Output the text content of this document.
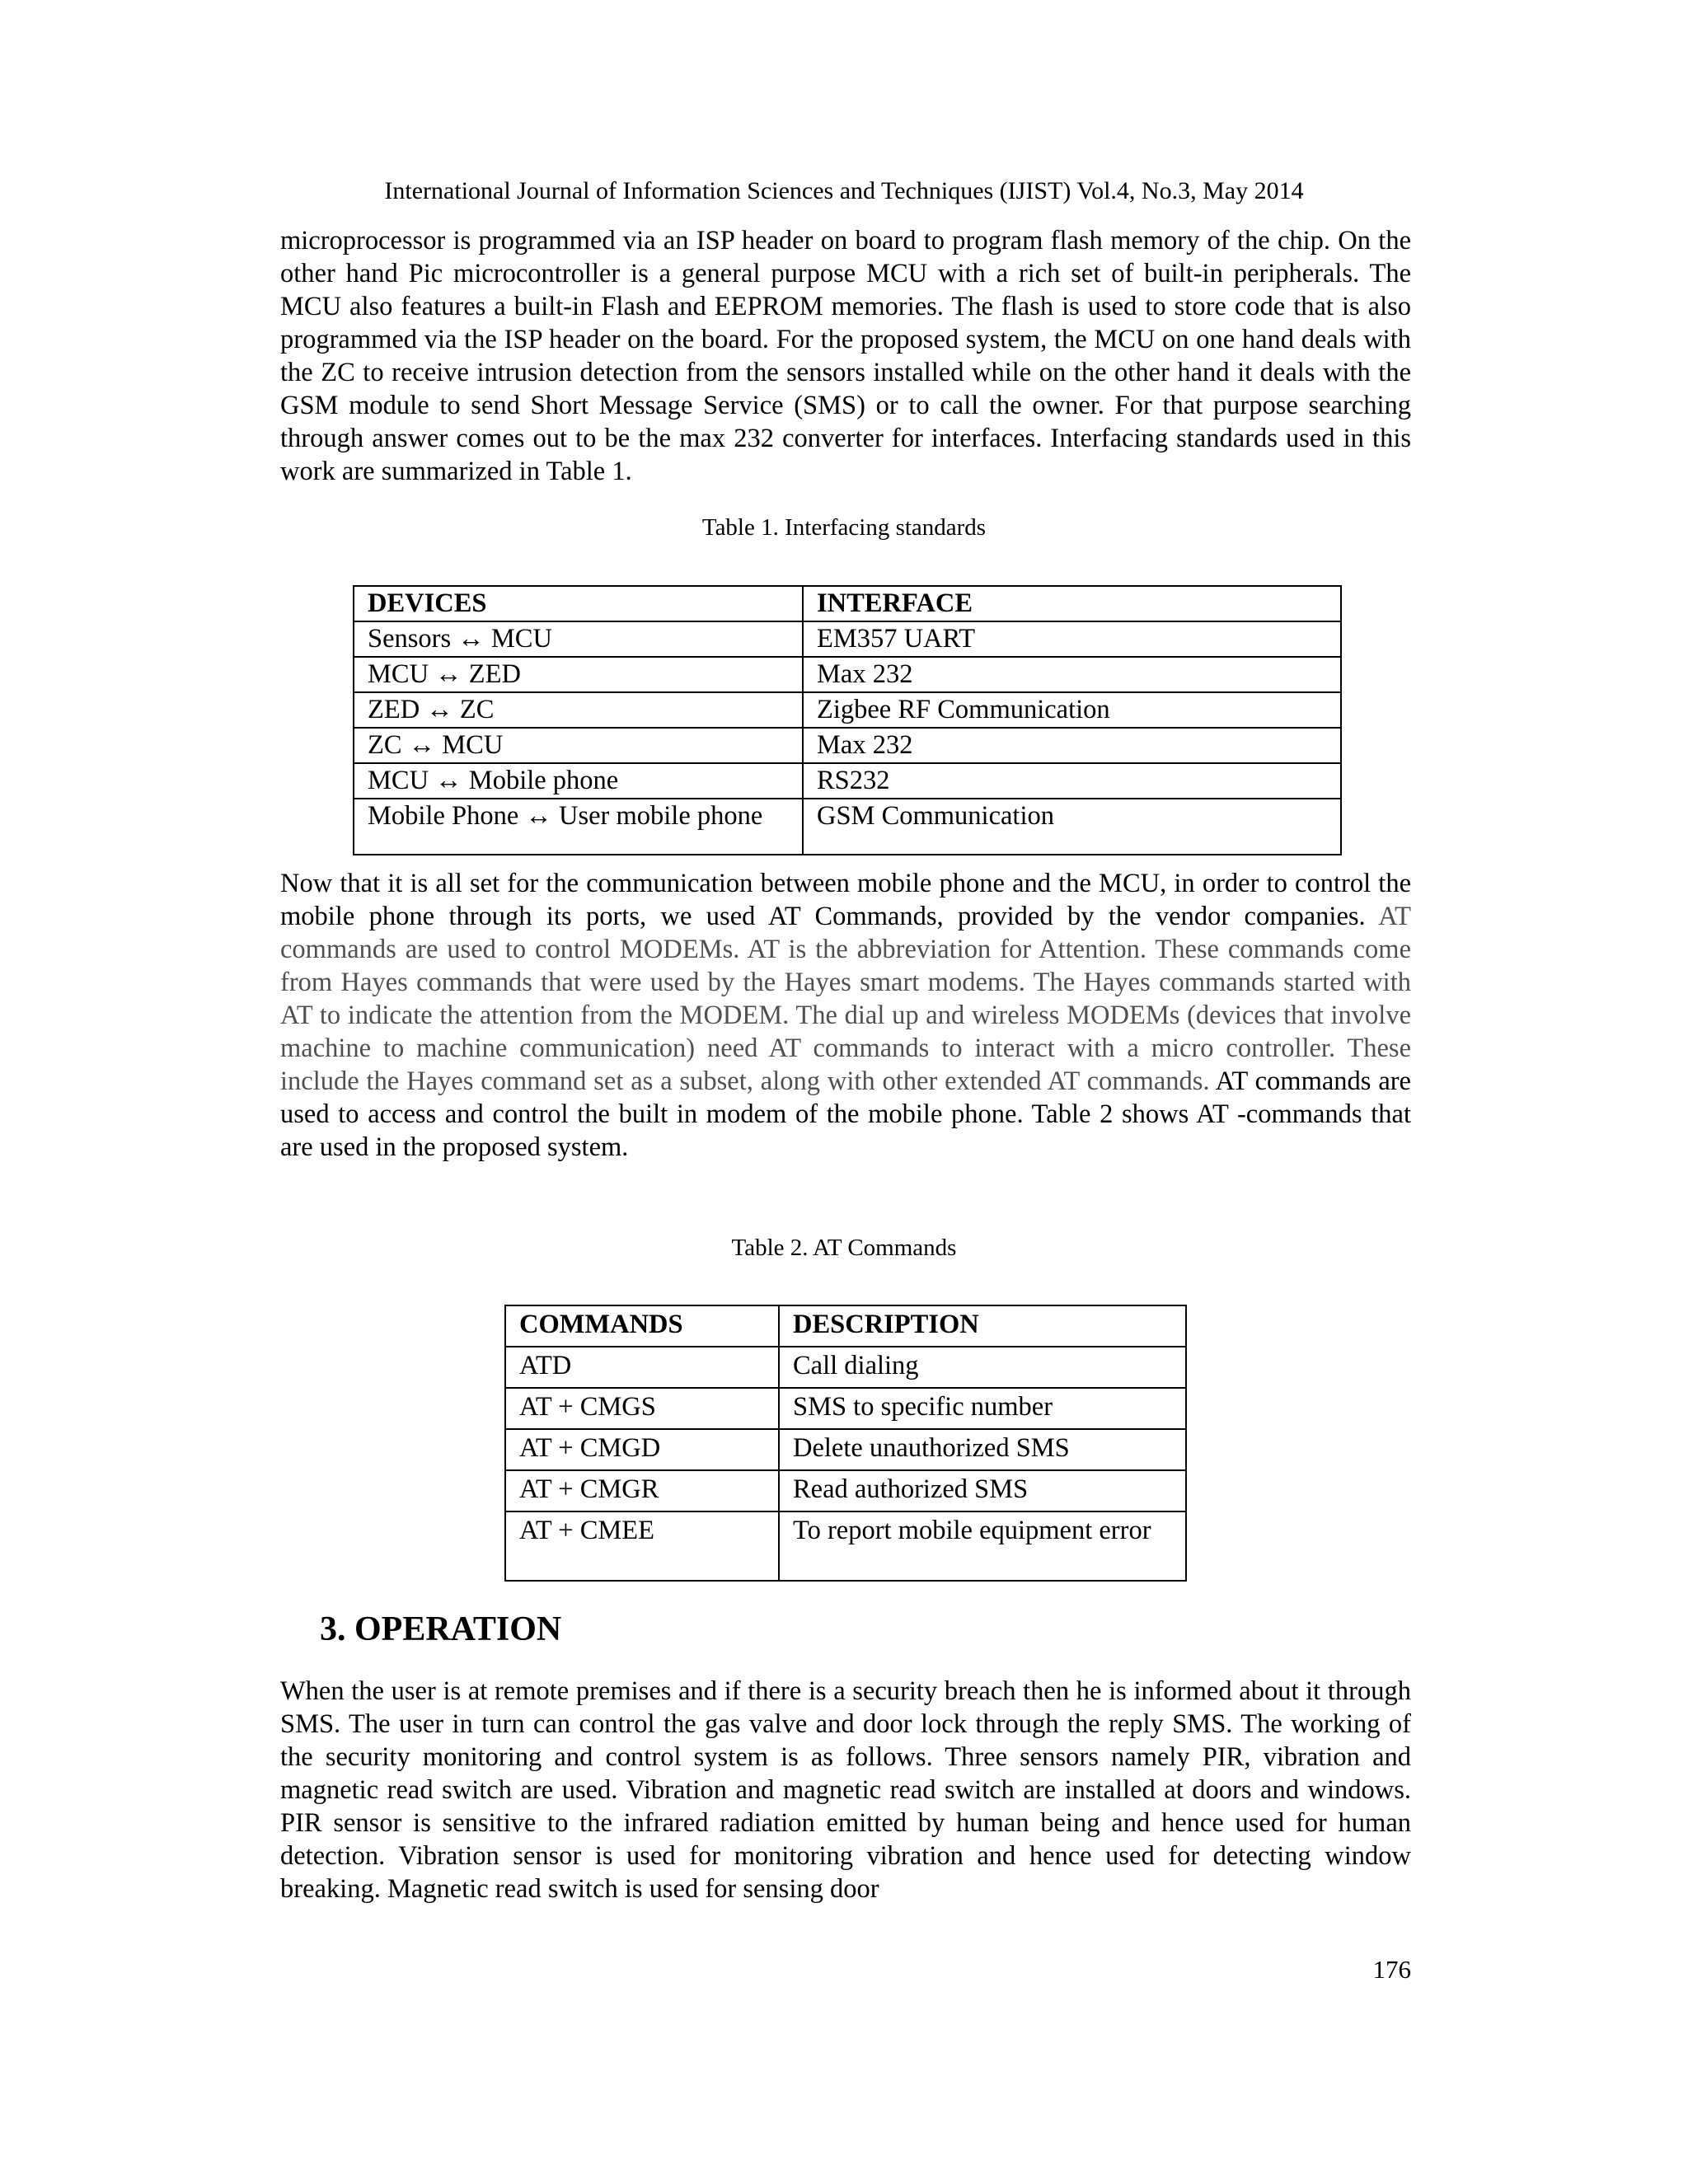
International Journal of Information Sciences and Techniques (IJIST) Vol.4, No.3, May 2014

microprocessor is programmed via an ISP header on board to program flash memory of the chip. On the other hand Pic microcontroller is a general purpose MCU with a rich set of built-in peripherals. The MCU also features a built-in Flash and EEPROM memories. The flash is used to store code that is also programmed via the ISP header on the board. For the proposed system, the MCU on one hand deals with the ZC to receive intrusion detection from the sensors installed while on the other hand it deals with the GSM module to send Short Message Service (SMS) or to call the owner. For that purpose searching through answer comes out to be the max 232 converter for interfaces. Interfacing standards used in this work are summarized in Table 1.

Table 1. Interfacing standards
DEVICES	INTERFACE
Sensors ↔ MCU	EM357 UART
MCU ↔ ZED	Max 232
ZED ↔ ZC	Zigbee RF Communication
ZC ↔ MCU	Max 232
MCU ↔ Mobile phone	RS232
Mobile Phone ↔ User mobile phone	GSM Communication

Now that it is all set for the communication between mobile phone and the MCU, in order to control the mobile phone through its ports, we used AT Commands, provided by the vendor companies. AT commands are used to control MODEMs. AT is the abbreviation for Attention. These commands come from Hayes commands that were used by the Hayes smart modems. The Hayes commands started with AT to indicate the attention from the MODEM. The dial up and wireless MODEMs (devices that involve machine to machine communication) need AT commands to interact with a micro controller. These include the Hayes command set as a subset, along with other extended AT commands. AT commands are used to access and control the built in modem of the mobile phone. Table 2 shows AT -commands that are used in the proposed system.

Table 2. AT Commands
COMMANDS	DESCRIPTION
ATD	Call dialing
AT + CMGS	SMS to specific number
AT + CMGD	Delete unauthorized SMS
AT + CMGR	Read authorized SMS
AT + CMEE	To report mobile equipment error
3. OPERATION

When the user is at remote premises and if there is a security breach then he is informed about it through SMS. The user in turn can control the gas valve and door lock through the reply SMS. The working of the security monitoring and control system is as follows. Three sensors namely PIR, vibration and magnetic read switch are used. Vibration and magnetic read switch are installed at doors and windows. PIR sensor is sensitive to the infrared radiation emitted by human being and hence used for human detection. Vibration sensor is used for monitoring vibration and hence used for detecting window breaking. Magnetic read switch is used for sensing door

176
